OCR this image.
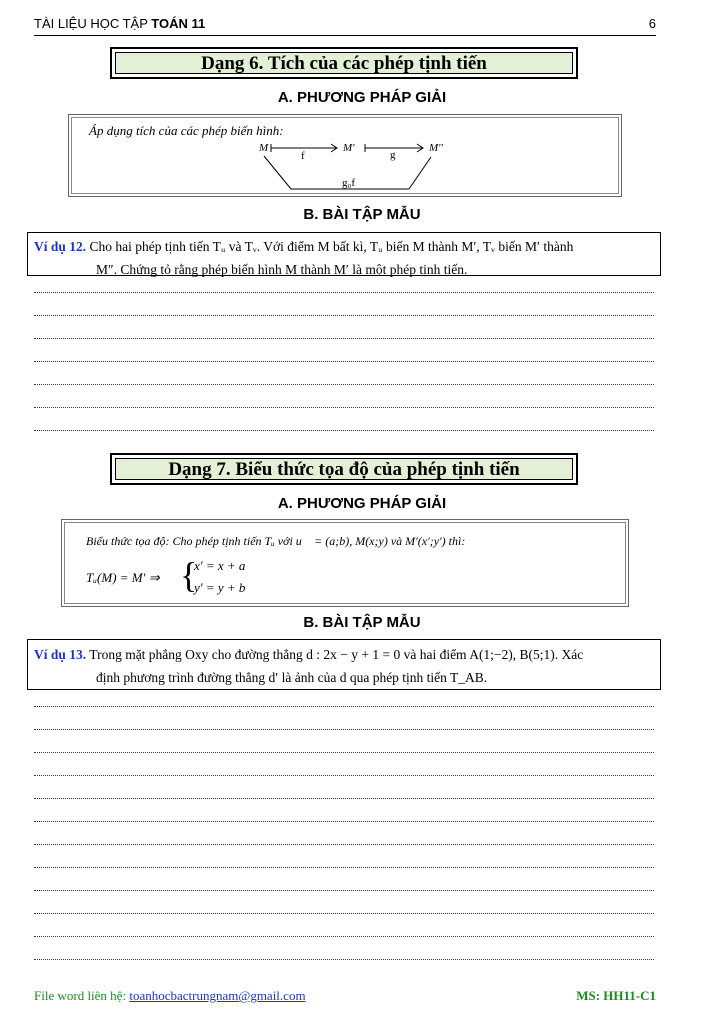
TÀI LIỆU HỌC TẬP TOÁN 11	6
Dạng 6. Tích của các phép tịnh tiến
A. PHƯƠNG PHÁP GIẢI
Áp dụng tích của các phép biến hình:
M	M'	M''
f	g
g₀f
B. BÀI TẬP MẪU
Ví dụ 12. Cho hai phép tịnh tiến Tᵤ và Tᵥ. Với điểm M bất kì, Tᵤ biến M thành M′, Tᵥ biến M′ thành
M″. Chứng tỏ rằng phép biến hình M thành M′ là một phép tịnh tiến.
Dạng 7. Biểu thức tọa độ của phép tịnh tiến
A. PHƯƠNG PHÁP GIẢI
Biểu thức tọa độ: Cho phép tịnh tiến Tᵤ với u⃗ = (a;b), M(x;y) và M′(x′;y′) thì:
Tᵤ(M) = M′ ⇒ {
x′ = x + a
y′ = y + b
B. BÀI TẬP MẪU
Ví dụ 13. Trong mặt phẳng Oxy cho đường thẳng d : 2x − y + 1 = 0 và hai điểm A(1;−2), B(5;1). Xác
định phương trình đường thẳng d′ là ảnh của d qua phép tịnh tiến T_AB.
File word liên hệ: toanhocbactrungnam@gmail.com	MS: HH11-C1
